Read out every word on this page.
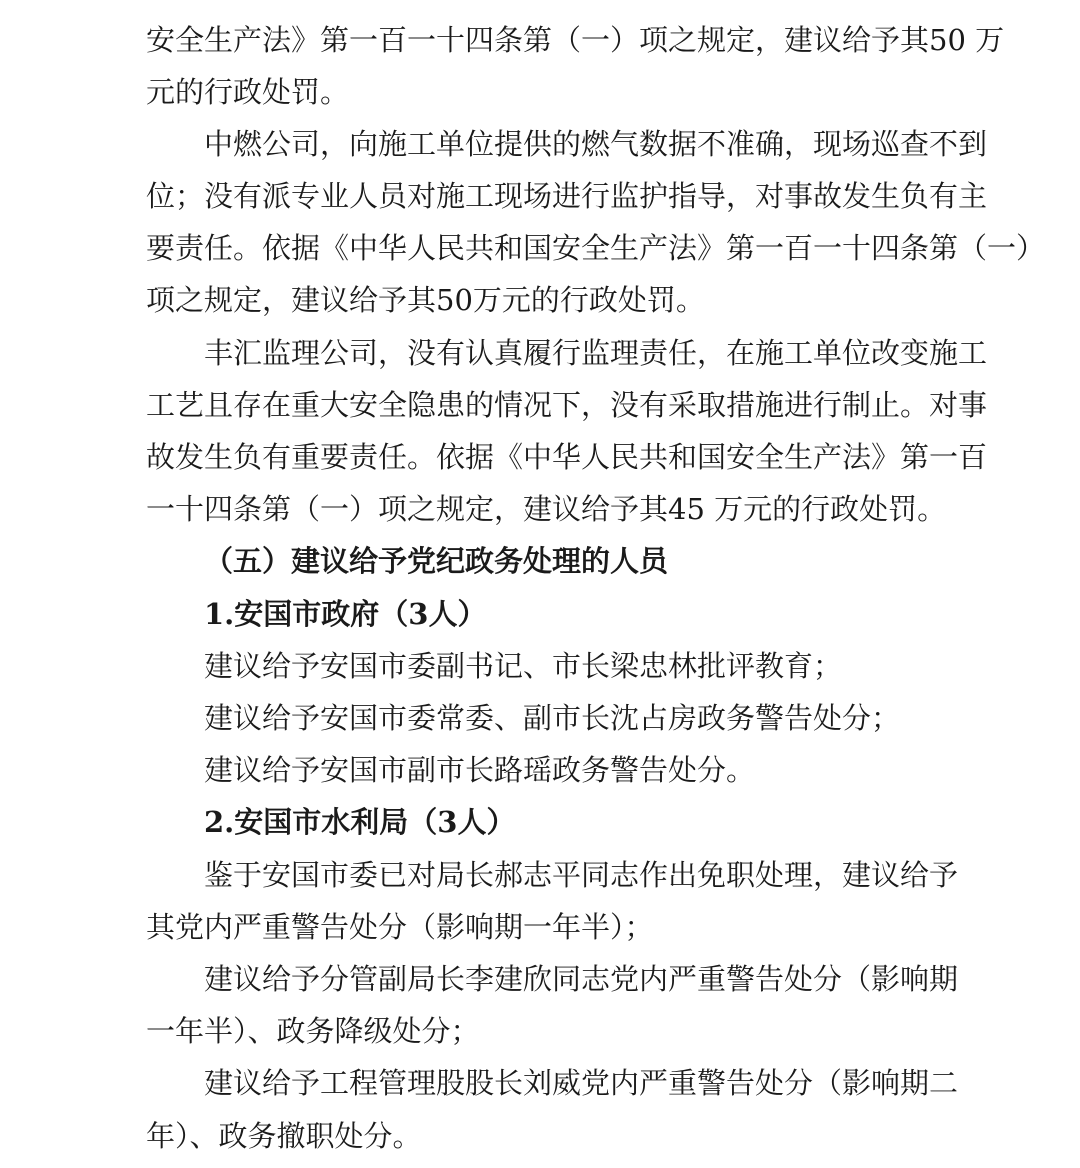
安全生产法》第一百一十四条第（一）项之规定，建议给予其50 万

元的行政处罚。

中燃公司，向施工单位提供的燃气数据不准确，现场巡查不到

位；没有派专业人员对施工现场进行监护指导，对事故发生负有主

要责任。依据《中华人民共和国安全生产法》第一百一十四条第（一）

项之规定，建议给予其50万元的行政处罚。

丰汇监理公司，没有认真履行监理责任，在施工单位改变施工

工艺且存在重大安全隐患的情况下，没有采取措施进行制止。对事

故发生负有重要责任。依据《中华人民共和国安全生产法》第一百

一十四条第（一）项之规定，建议给予其45 万元的行政处罚。

（五）建议给予党纪政务处理的人员

1.安国市政府（3人）

建议给予安国市委副书记、市长梁忠林批评教育；

建议给予安国市委常委、副市长沈占房政务警告处分；

建议给予安国市副市长路瑶政务警告处分。

2.安国市水利局（3人）

鉴于安国市委已对局长郝志平同志作出免职处理，建议给予

其党内严重警告处分（影响期一年半）；

建议给予分管副局长李建欣同志党内严重警告处分（影响期

一年半）、政务降级处分；

建议给予工程管理股股长刘威党内严重警告处分（影响期二

年）、政务撤职处分。
